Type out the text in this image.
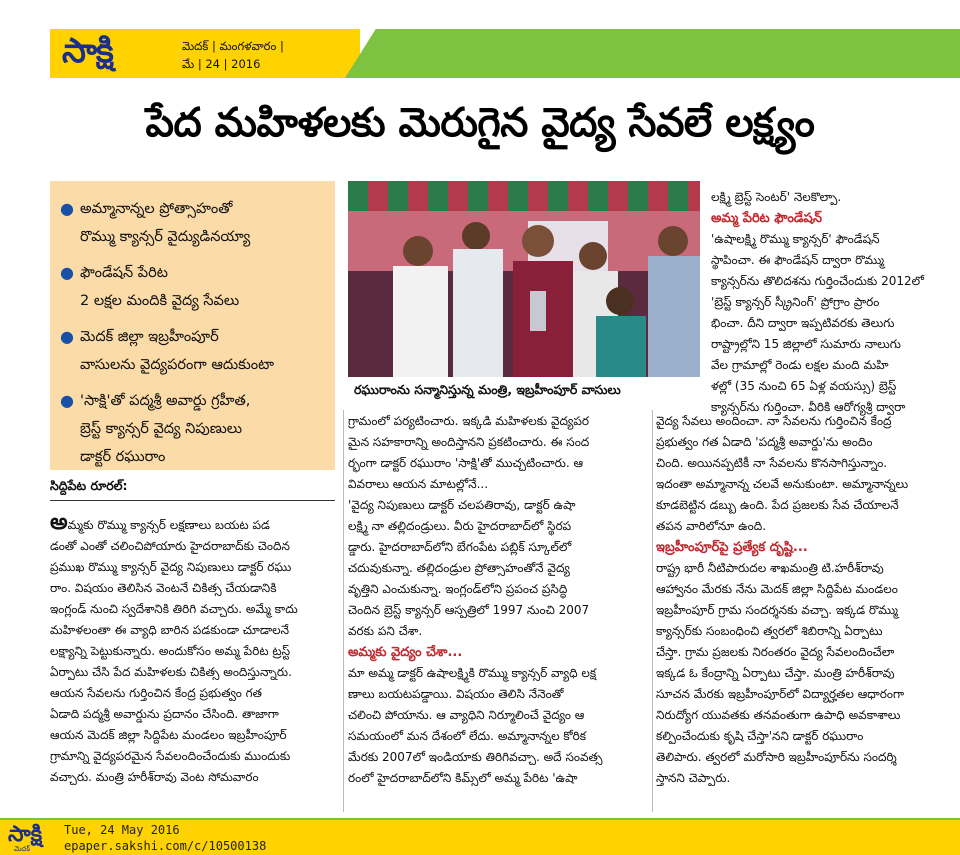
సాక్షి	మెదక్ | మంగళవారం |
మే | 24 | 2016
పేద మహిళలకు మెరుగైన వైద్య సేవలే లక్ష్యం
● అమ్మానాన్నల ప్రోత్సాహంతో
రొమ్ము క్యాన్సర్ వైద్యుడినయ్యా
● ఫౌండేషన్ పేరిట
2 లక్షల మందికి వైద్య సేవలు
● మెదక్ జిల్లా ఇబ్రహీంపూర్
వాసులను వైద్యపరంగా ఆదుకుంటా
● 'సాక్షి'తో పద్మశ్రీ అవార్డు గ్రహీత,
బ్రెస్ట్ క్యాన్సర్ వైద్య నిపుణులు
డాక్టర్ రఘురాం
రఘురాంను సన్మానిస్తున్న మంత్రి, ఇబ్రహీంపూర్ వాసులు
సిద్దిపేట రూరల్:

అమ్మకు రొమ్ము క్యాన్సర్ లక్షణాలు బయట పడ
డంతో ఎంతో చలించిపోయారు హైదరాబాద్‌కు చెందిన
ప్రముఖ రొమ్ము క్యాన్సర్ వైద్య నిపుణులు డాక్టర్ రఘు
రాం. విషయం తెలిసిన వెంటనే చికిత్స చేయడానికి
ఇంగ్లండ్ నుంచి స్వదేశానికి తిరిగి వచ్చారు. అమ్మే కాదు
మహిళలంతా ఈ వ్యాధి బారిన పడకుండా చూడాలనే
లక్ష్యాన్ని పెట్టుకున్నారు. అందుకోసం అమ్మ పేరిట ట్రస్ట్
ఏర్పాటు చేసి పేద మహిళలకు చికిత్స అందిస్తున్నారు.
ఆయన సేవలను గుర్తించిన కేంద్ర ప్రభుత్వం గత
ఏడాది పద్మశ్రీ అవార్డును ప్రదానం చేసింది. తాజాగా
ఆయన మెదక్ జిల్లా సిద్దిపేట మండలం ఇబ్రహీంపూర్
గ్రామాన్ని వైద్యపరమైన సేవలందించేందుకు ముందుకు
వచ్చారు. మంత్రి హరీశ్‌రావు వెంట సోమవారం

గ్రామంలో పర్యటించారు. ఇక్కడి మహిళలకు వైద్యపర
మైన సహకారాన్ని అందిస్తానని ప్రకటించారు. ఈ సంద
ర్భంగా డాక్టర్ రఘురాం 'సాక్షి'తో ముచ్చటించారు. ఆ
వివరాలు ఆయన మాటల్లోనే...

'వైద్య నిపుణులు డాక్టర్ చలపతిరావు, డాక్టర్ ఉషా
లక్ష్మి నా తల్లిదండ్రులు. వీరు హైదరాబాద్‌లో స్థిరప
డ్డారు. హైదరాబాద్‌లోని బేగంపేట పబ్లిక్ స్కూల్‌లో
చదువుకున్నా. తల్లిదండ్రుల ప్రోత్సాహంతోనే వైద్య
వృత్తిని ఎంచుకున్నా. ఇంగ్లండ్‌లోని ప్రపంచ ప్రసిద్ధి
చెందిన బ్రెస్ట్ క్యాన్సర్ ఆస్పత్రిలో 1997 నుంచి 2007
వరకు పని చేశా.

అమ్మకు వైద్యం చేశా...

మా అమ్మ డాక్టర్ ఉషాలక్ష్మికి రొమ్ము క్యాన్సర్ వ్యాధి లక్ష
ణాలు బయటపడ్డాయి. విషయం తెలిసి నేనెంతో
చలించి పోయాను. ఆ వ్యాధిని నిర్మూలించే వైద్యం ఆ
సమయంలో మన దేశంలో లేదు. అమ్మానాన్నల కోరిక
మేరకు 2007లో ఇండియాకు తిరిగివచ్చా. అదే సంవత్స
రంలో హైదరాబాద్‌లోని కిమ్స్‌లో అమ్మ పేరిట 'ఉషా

లక్ష్మి బ్రెస్ట్ సెంటర్' నెలకొల్పా.

అమ్మ పేరిట ఫౌండేషన్

'ఉషాలక్ష్మి రొమ్ము క్యాన్సర్' ఫౌండేషన్
స్థాపించా. ఈ ఫౌండేషన్ ద్వారా రొమ్ము
క్యాన్సర్‌ను తొలిదశను గుర్తించేందుకు 2012లో
'బ్రెస్ట్ క్యాన్సర్ స్క్రీనింగ్' ప్రోగ్రాం ప్రారం
భించా. దీని ద్వారా ఇప్పటివరకు తెలుగు
రాష్ట్రాల్లోని 15 జిల్లాలో సుమారు నాలుగు
వేల గ్రామాల్లో రెండు లక్షల మంది మహి
ళల్లో (35 నుంచి 65 ఏళ్ల వయస్సు) బ్రెస్ట్
క్యాన్సర్‌ను గుర్తించా. వీరికి ఆరోగ్యశ్రీ ద్వారా

వైద్య సేవలు అందించా. నా సేవలను గుర్తించిన కేంద్ర
ప్రభుత్వం గత ఏడాది 'పద్మశ్రీ అవార్డు'ను అందిం
చింది. అయినప్పటికీ నా సేవలను కొనసాగిస్తున్నాం.
ఇదంతా అమ్మానాన్న చలవే అనుకుంటా. అమ్మానాన్నలు
కూడబెట్టిన డబ్బు ఉంది. పేద ప్రజలకు సేవ చేయాలనే
తపన వారిలోనూ ఉంది.

ఇబ్రహీంపూర్‌పై ప్రత్యేక దృష్టి...

రాష్ట్ర భారీ నీటిపారుదల శాఖమంత్రి టి.హరీశ్‌రావు
ఆహ్వానం మేరకు నేను మెదక్ జిల్లా సిద్దిపేట మండలం
ఇబ్రహీంపూర్ గ్రామ సందర్శనకు వచ్చా. ఇక్కడ రొమ్ము
క్యాన్సర్‌కు సంబంధించి త్వరలో శిబిరాన్ని ఏర్పాటు
చేస్తా. గ్రామ ప్రజలకు నిరంతరం వైద్య సేవలందించేలా
ఇక్కడ ఓ కేంద్రాన్ని ఏర్పాటు చేస్తా. మంత్రి హరీశ్‌రావు
సూచన మేరకు ఇబ్రహీంపూర్‌లో విద్యార్హతల ఆధారంగా
నిరుద్యోగ యువతకు తనవంతుగా ఉపాధి అవకాశాలు
కల్పించేందుకు కృషి చేస్తా'నని డాక్టర్ రఘురాం
తెలిపారు. త్వరలో మరోసారి ఇబ్రహీంపూర్‌ను సందర్శి
స్తానని చెప్పారు.

సాక్షి
మెదక్
Tue, 24 May 2016
epaper.sakshi.com/c/10500138
